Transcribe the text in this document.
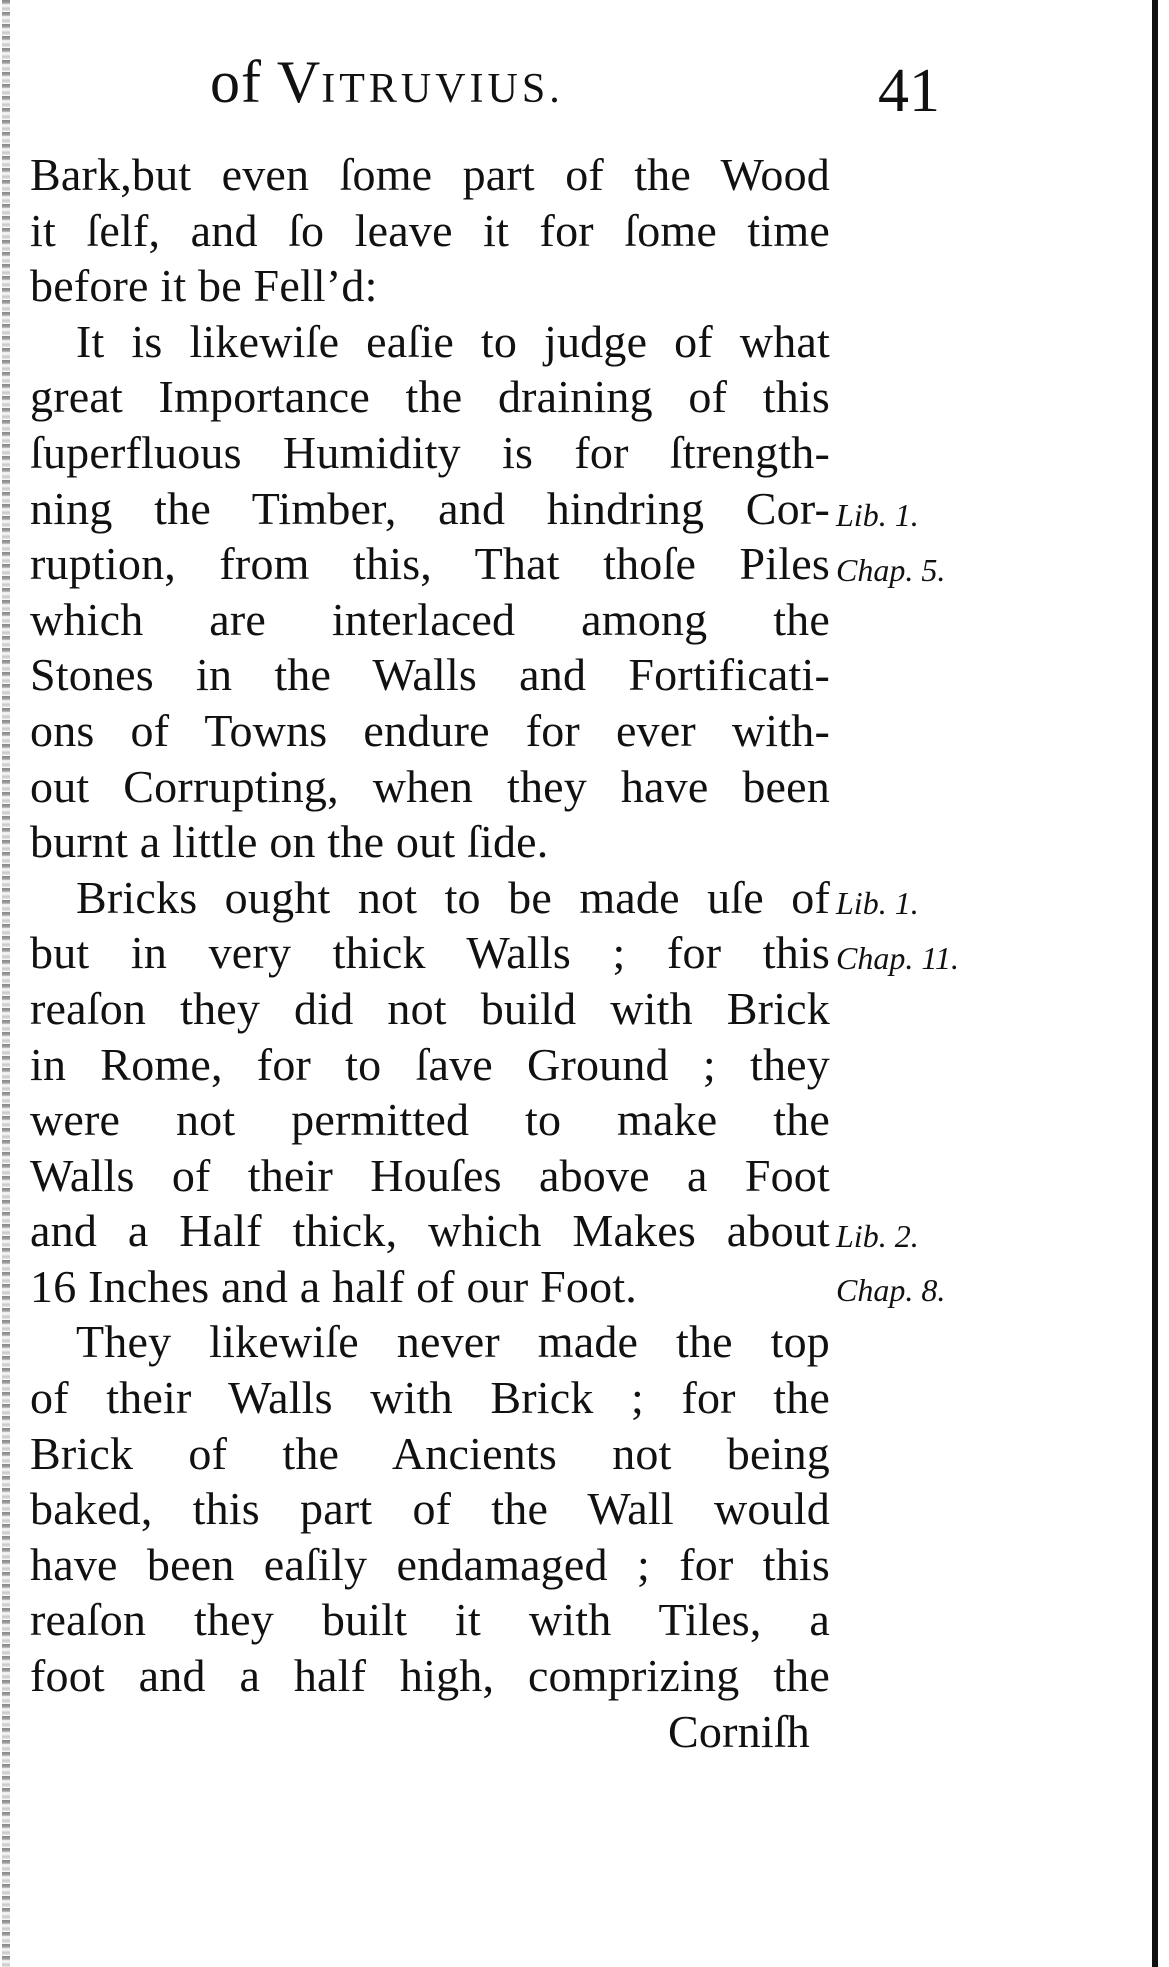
of VITRUVIUS.	41
Bark,but even ſome part of the Wood
it ſelf, and ſo leave it for ſome time
before it be Fell’d:
It is likewiſe eaſie to judge of what
great Importance the draining of this
ſuperfluous Humidity is for ſtrength-
ning the Timber, and hindring Cor-
ruption, from this, That thoſe Piles
which are interlaced among the
Stones in the Walls and Fortificati-
ons of Towns endure for ever with-
out Corrupting, when they have been
burnt a little on the out ſide.
Bricks ought not to be made uſe of
but in very thick Walls ; for this
reaſon they did not build with Brick
in Rome, for to ſave Ground ; they
were not permitted to make the
Walls of their Houſes above a Foot
and a Half thick, which Makes about
16 Inches and a half of our Foot.
They likewiſe never made the top
of their Walls with Brick ; for the
Brick of the Ancients not being
baked, this part of the Wall would
have been eaſily endamaged ; for this
reaſon they built it with Tiles, a
foot and a half high, comprizing the
Corniſh
Lib. 1.
Chap. 5.
Lib. 1.
Chap. 11.
Lib. 2.
Chap. 8.
